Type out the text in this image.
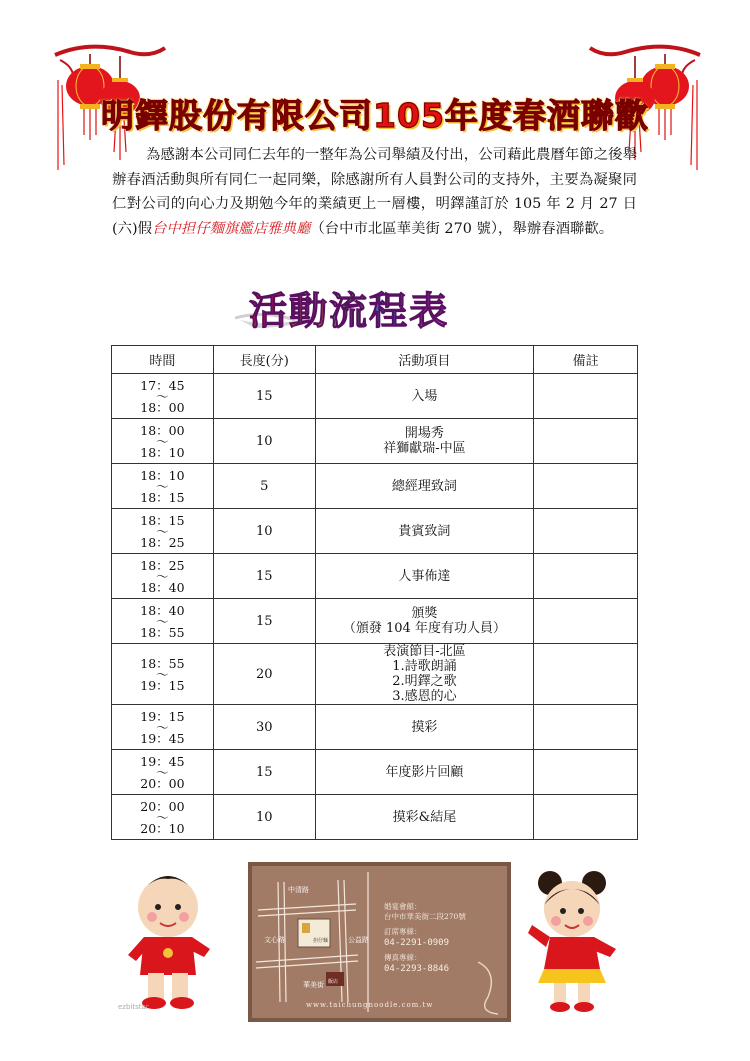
明鐸股份有限公司105年度春酒聯歡
為感謝本公司同仁去年的一整年為公司舉績及付出，公司藉此農曆年節之後舉辦春酒活動與所有同仁一起同樂，除感謝所有人員對公司的支持外，主要為凝聚同仁對公司的向心力及期勉今年的業績更上一層樓，明鐸謹訂於 105 年 2 月 27 日(六)假台中担仔麵旗艦店雅典廳（台中市北區華美街 270 號），舉辦春酒聯歡。
活動流程表
時間	長度(分)	活動項目	備註

17：45
～
18：00	15	入場	

18：00
～
18：10	10	開場秀
祥獅獻瑞-中區	

18：10
～
18：15	5	總經理致詞	

18：15
～
18：25	10	貴賓致詞	

18：25
～
18：40	15	人事佈達	

18：40
～
18：55	15	頒獎
（頒發 104 年度有功人員）	

18：55
～
19：15	20	表演節目-北區
1.詩歌朗誦
2.明鐸之歌
3.感恩的心	

19：15
～
19：45	30	摸彩	

19：45
～
20：00	15	年度影片回顧	

20：00
～
20：10	10	摸彩&結尾	

中清路
華美街
文心路	公益路
担仔麵
飯店
婚宴會館：
台中市華美街二段270號
訂席專線：
04-2291-0909
傳真專線：
04-2293-8846
www.taichungnoodle.com.tw
ezbitstar
